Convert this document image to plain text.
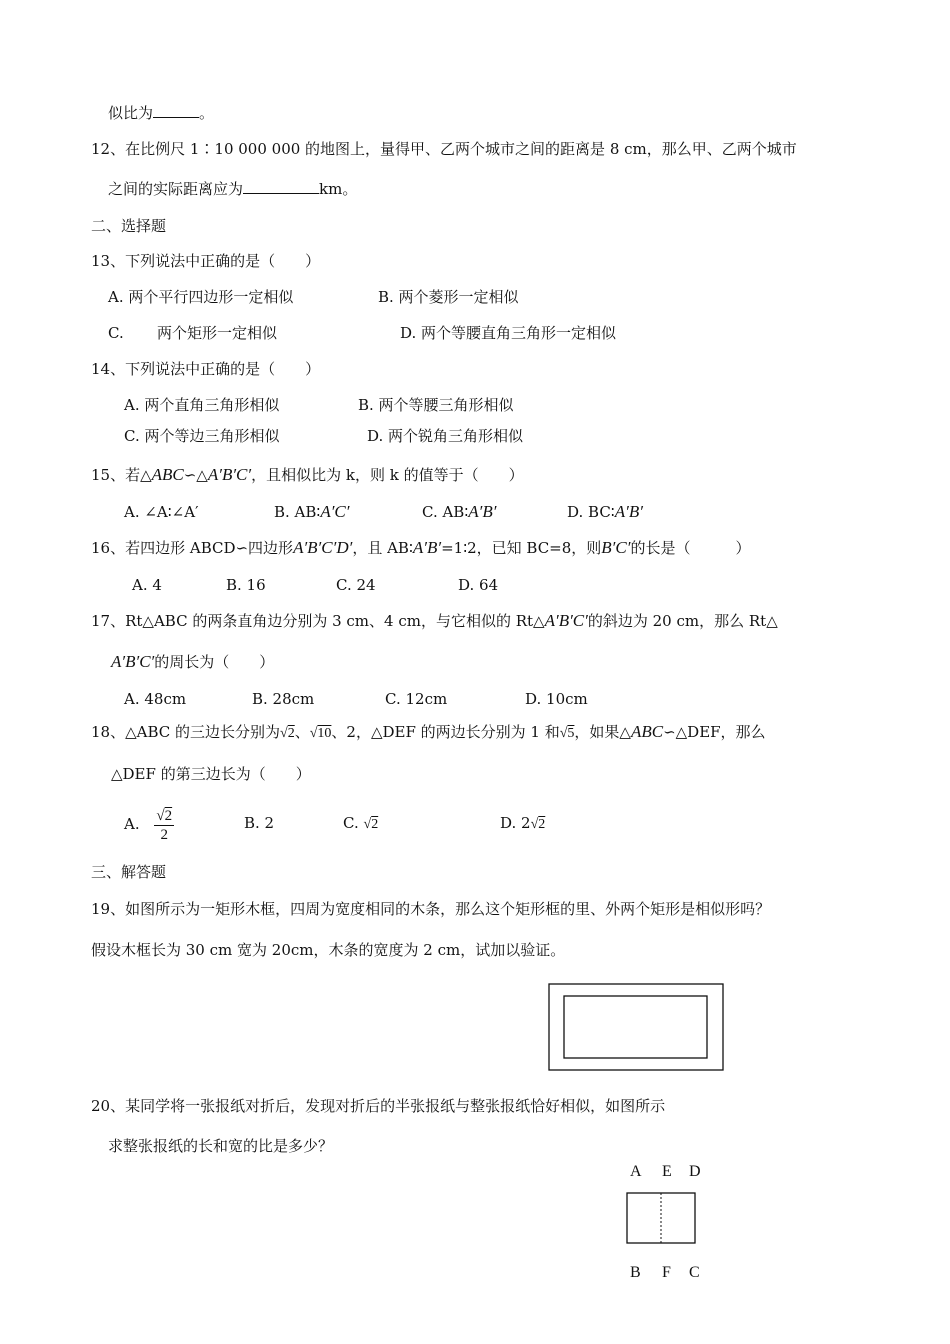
似比为	。
12、在比例尺 1∶10 000 000 的地图上，量得甲、乙两个城市之间的距离是 8 cm，那么甲、乙两个城市
之间的实际距离应为	km。
二、选择题
13、下列说法中正确的是（　　）
A. 两个平行四边形一定相似	B. 两个菱形一定相似
C. 两个矩形一定相似	D. 两个等腰直角三角形一定相似
14、下列说法中正确的是（　　）
A. 两个直角三角形相似	B. 两个等腰三角形相似
C. 两个等边三角形相似	D. 两个锐角三角形相似
15、若△ABC∽△A′B′C′，且相似比为 k，则 k 的值等于（　　）
A. ∠A∶∠A′	B. AB∶A′C′	C. AB∶A′B′	D. BC∶A′B′
16、若四边形 ABCD∽四边形A′B′C′D′，且 AB∶A′B′=1∶2，已知 BC=8，则B′C′的长是（　　　）
A. 4	B. 16	C. 24	D. 64
17、Rt△ABC 的两条直角边分别为 3 cm、4 cm，与它相似的 Rt△A′B′C′的斜边为 20 cm，那么 Rt△
A′B′C′的周长为（　　）
A. 48cm	B. 28cm	C. 12cm	D. 10cm
18、△ABC 的三边长分别为√2、√10、2，△DEF 的两边长分别为 1 和√5，如果△ABC∽△DEF，那么
△DEF 的第三边长为（　　）
A. $\frac{√2}{2}$	B. 2	C. √2	D. 2√2
三、解答题
19、如图所示为一矩形木框，四周为宽度相同的木条，那么这个矩形框的里、外两个矩形是相似形吗？
假设木框长为 30 cm 宽为 20cm，木条的宽度为 2 cm，试加以验证。
20、某同学将一张报纸对折后，发现对折后的半张报纸与整张报纸恰好相似，如图所示
求整张报纸的长和宽的比是多少？
A E D
B F C
